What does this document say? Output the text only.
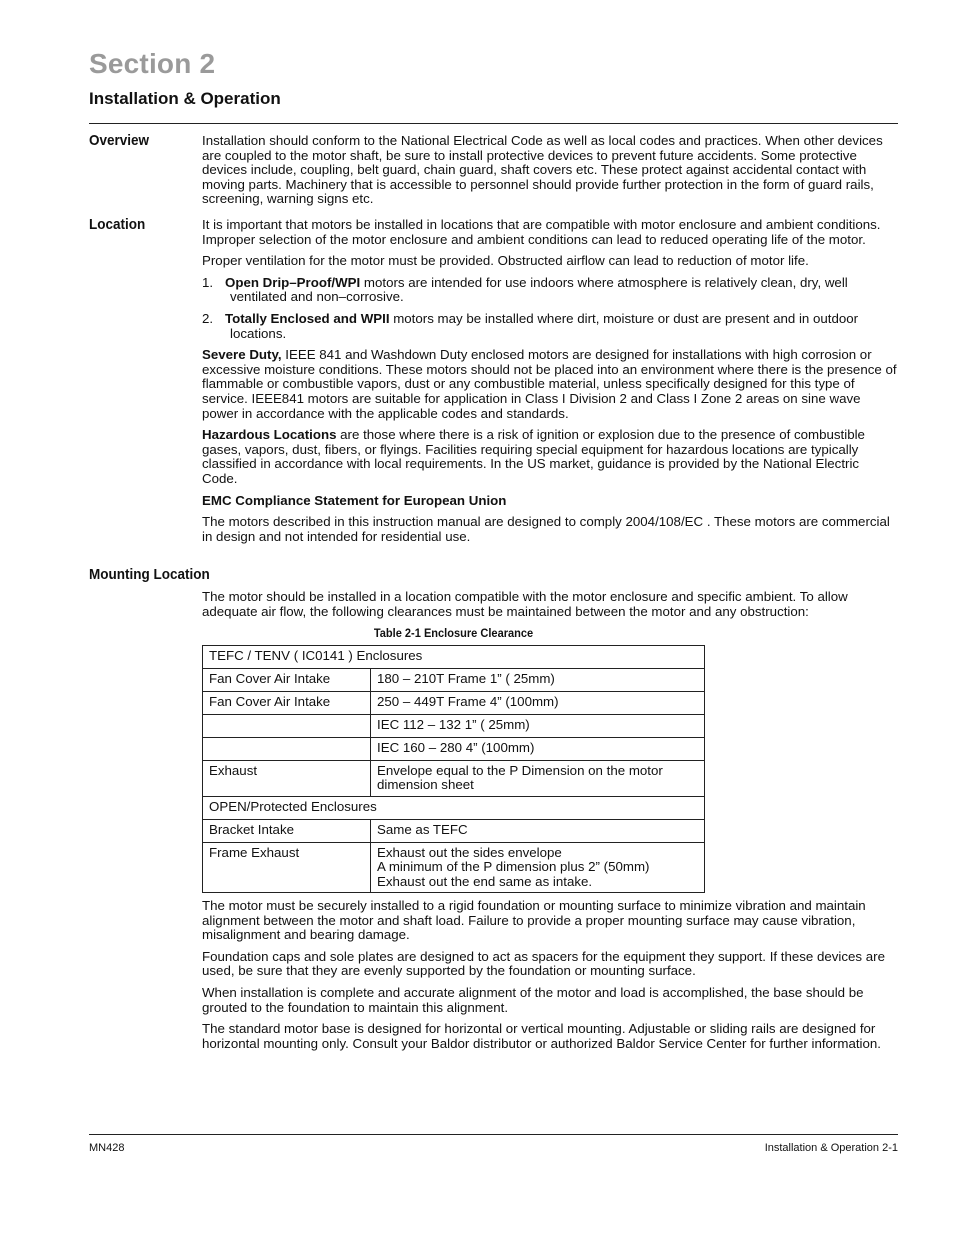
Section 2
Installation & Operation
Overview	Installation should conform to the National Electrical Code as well as local codes and practices. When other devices are coupled to the motor shaft, be sure to install protective devices to prevent future accidents. Some protective devices include, coupling, belt guard, chain guard, shaft covers etc. These protect against accidental contact with moving parts. Machinery that is accessible to personnel should provide further protection in the form of guard rails, screening, warning signs etc.

Location	It is important that motors be installed in locations that are compatible with motor enclosure and ambient conditions. Improper selection of the motor enclosure and ambient conditions can lead to reduced operating life of the motor.

Proper ventilation for the motor must be provided. Obstructed airflow can lead to reduction of motor life.

1. Open Drip–Proof/WPI motors are intended for use indoors where atmosphere is relatively clean, dry, well ventilated and non–corrosive.

2. Totally Enclosed and WPII motors may be installed where dirt, moisture or dust are present and in outdoor locations.

Severe Duty, IEEE 841 and Washdown Duty enclosed motors are designed for installations with high corrosion or excessive moisture conditions. These motors should not be placed into an environment where there is the presence of flammable or combustible vapors, dust or any combustible material, unless specifically designed for this type of service. IEEE841 motors are suitable for application in Class I Division 2 and Class I Zone 2 areas on sine wave power in accordance with the applicable codes and standards.

Hazardous Locations are those where there is a risk of ignition or explosion due to the presence of combustible gases, vapors, dust, fibers, or flyings. Facilities requiring special equipment for hazardous locations are typically classified in accordance with local requirements. In the US market, guidance is provided by the National Electric Code.

EMC Compliance Statement for European Union

The motors described in this instruction manual are designed to comply 2004/108/EC . These motors are commercial in design and not intended for residential use.

Mounting Location

The motor should be installed in a location compatible with the motor enclosure and specific ambient. To allow adequate air flow, the following clearances must be maintained between the motor and any obstruction:

Table 2-1 Enclosure Clearance
TEFC / TENV ( IC0141 ) Enclosures	
Fan Cover Air Intake	180 – 210T Frame 1” ( 25mm)
Fan Cover Air Intake	250 – 449T Frame 4” (100mm)
	IEC 112 – 132 1” ( 25mm)
	IEC 160 – 280 4” (100mm)
Exhaust	Envelope equal to the P Dimension on the motor dimension sheet
OPEN/Protected Enclosures	
Bracket Intake	Same as TEFC
Frame Exhaust	Exhaust out the sides envelope
A minimum of the P dimension plus 2” (50mm)
Exhaust out the end same as intake.

The motor must be securely installed to a rigid foundation or mounting surface to minimize vibration and maintain alignment between the motor and shaft load. Failure to provide a proper mounting surface may cause vibration, misalignment and bearing damage.

Foundation caps and sole plates are designed to act as spacers for the equipment they support. If these devices are used, be sure that they are evenly supported by the foundation or mounting surface.

When installation is complete and accurate alignment of the motor and load is accomplished, the base should be grouted to the foundation to maintain this alignment.

The standard motor base is designed for horizontal or vertical mounting. Adjustable or sliding rails are designed for horizontal mounting only. Consult your Baldor distributor or authorized Baldor Service Center for further information.

MN428	Installation & Operation 2-1
